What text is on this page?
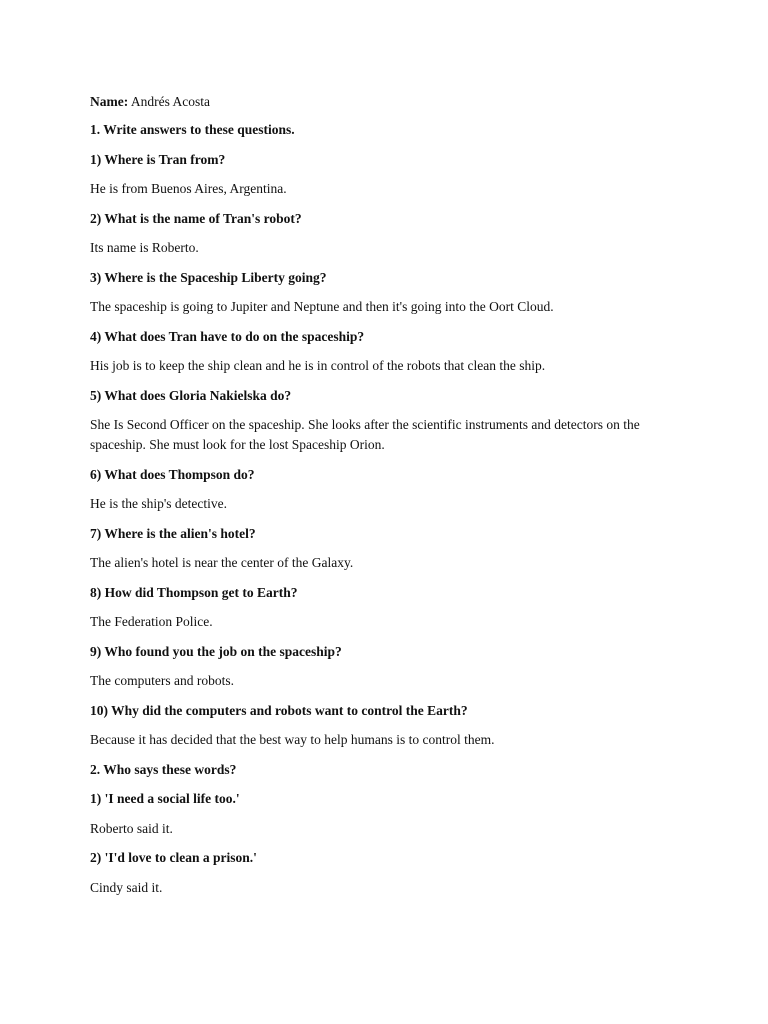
Name: Andrés Acosta
1. Write answers to these questions.
1) Where is Tran from?
He is from Buenos Aires, Argentina.
2) What is the name of Tran's robot?
Its name is Roberto.
3) Where is the Spaceship Liberty going?
The spaceship is going to Jupiter and Neptune and then it's going into the Oort Cloud.
4) What does Tran have to do on the spaceship?
His job is to keep the ship clean and he is in control of the robots that clean the ship.
5) What does Gloria Nakielska do?
She Is Second Officer on the spaceship. She looks after the scientific instruments and detectors on the spaceship. She must look for the lost Spaceship Orion.
6) What does Thompson do?
He is the ship's detective.
7) Where is the alien's hotel?
The alien's hotel is near the center of the Galaxy.
8) How did Thompson get to Earth?
The Federation Police.
9) Who found you the job on the spaceship?
The computers and robots.
10) Why did the computers and robots want to control the Earth?
Because it has decided that the best way to help humans is to control them.
2. Who says these words?
1) 'I need a social life too.'
Roberto said it.
2) 'I'd love to clean a prison.'
Cindy said it.
